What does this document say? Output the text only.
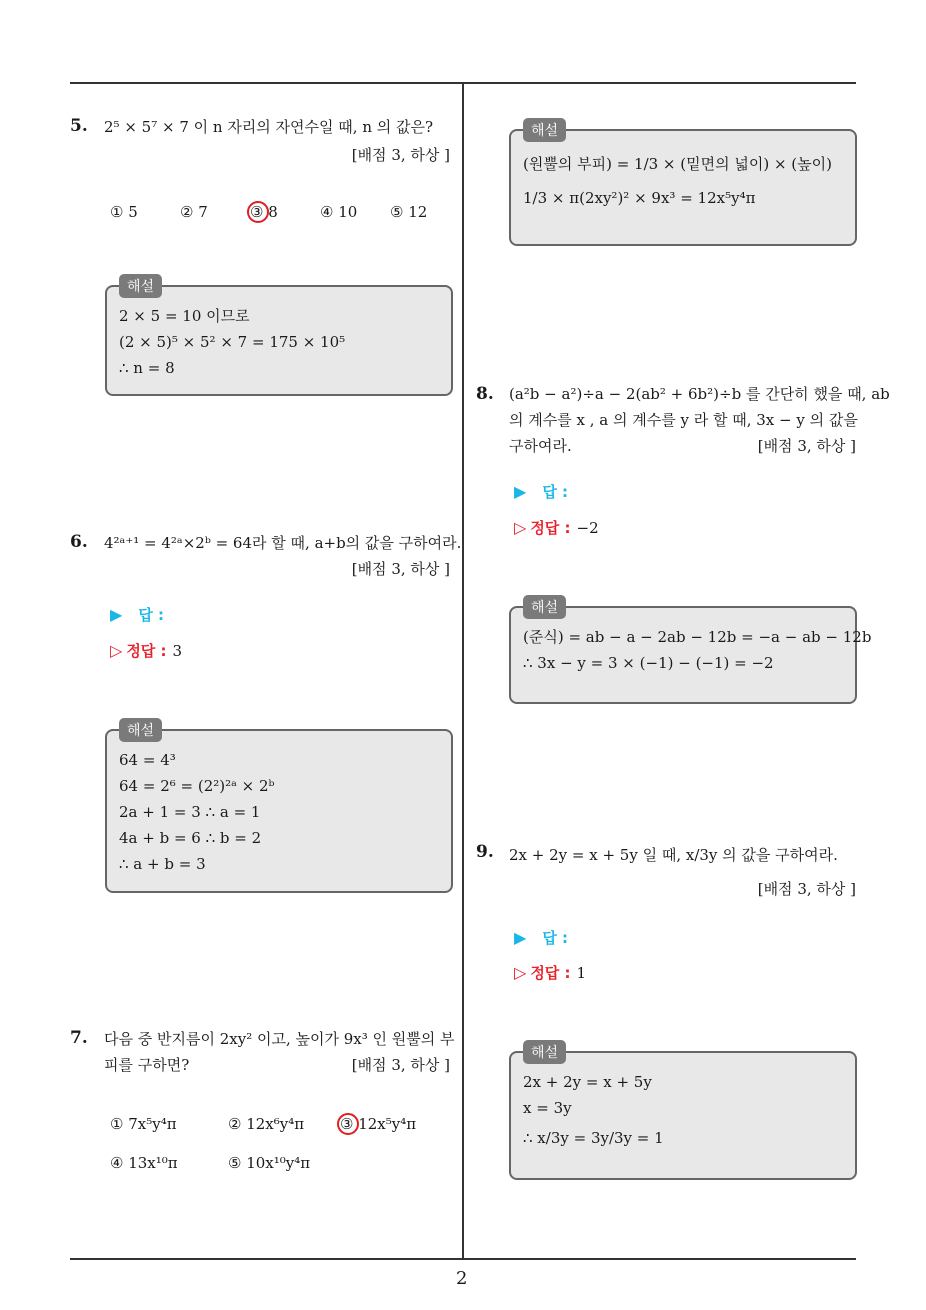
2
5. 2⁵ × 5⁷ × 7 이 n 자리의 자연수일 때, n 의 값은?
[배점 3, 하상 ]
① 5	② 7	③ 8	④ 10 ⑤ 12
해설
2 × 5 = 10 이므로
(2 × 5)⁵ × 5² × 7 = 175 × 10⁵
∴ n = 8
6. 4²ᵃ⁺¹ = 4²ᵃ×2ᵇ = 64라 할 때, a+b의 값을 구하여라.
[배점 3, 하상 ]
▶ 답 :
▷ 정답 : 3
해설
64 = 4³
64 = 2⁶ = (2²)²ᵃ × 2ᵇ
2a + 1 = 3 ∴ a = 1
4a + b = 6 ∴ b = 2
∴ a + b = 3
7. 다음 중 반지름이 2xy² 이고, 높이가 9x³ 인 원뿔의 부
피를 구하면?	[배점 3, 하상 ]
① 7x⁵y⁴π	② 12x⁶y⁴π ③ 12x⁵y⁴π
④ 13x¹⁰π	⑤ 10x¹⁰y⁴π
해설
(원뿔의 부피) = 1/3 × (밑면의 넓이) × (높이)
1/3 × π(2xy²)² × 9x³ = 12x⁵y⁴π
8. (a²b − a²)÷a − 2(ab² + 6b²)÷b 를 간단히 했을 때, ab
의 계수를 x , a 의 계수를 y 라 할 때, 3x − y 의 값을
구하여라.	[배점 3, 하상 ]
▶ 답 :
▷ 정답 : −2
해설
(준식) = ab − a − 2ab − 12b = −a − ab − 12b
∴ 3x − y = 3 × (−1) − (−1) = −2
9. 2x + 2y = x + 5y 일 때, x/3y 의 값을 구하여라.
[배점 3, 하상 ]
▶ 답 :
▷ 정답 : 1
해설
2x + 2y = x + 5y
x = 3y
∴ x/3y = 3y/3y = 1
